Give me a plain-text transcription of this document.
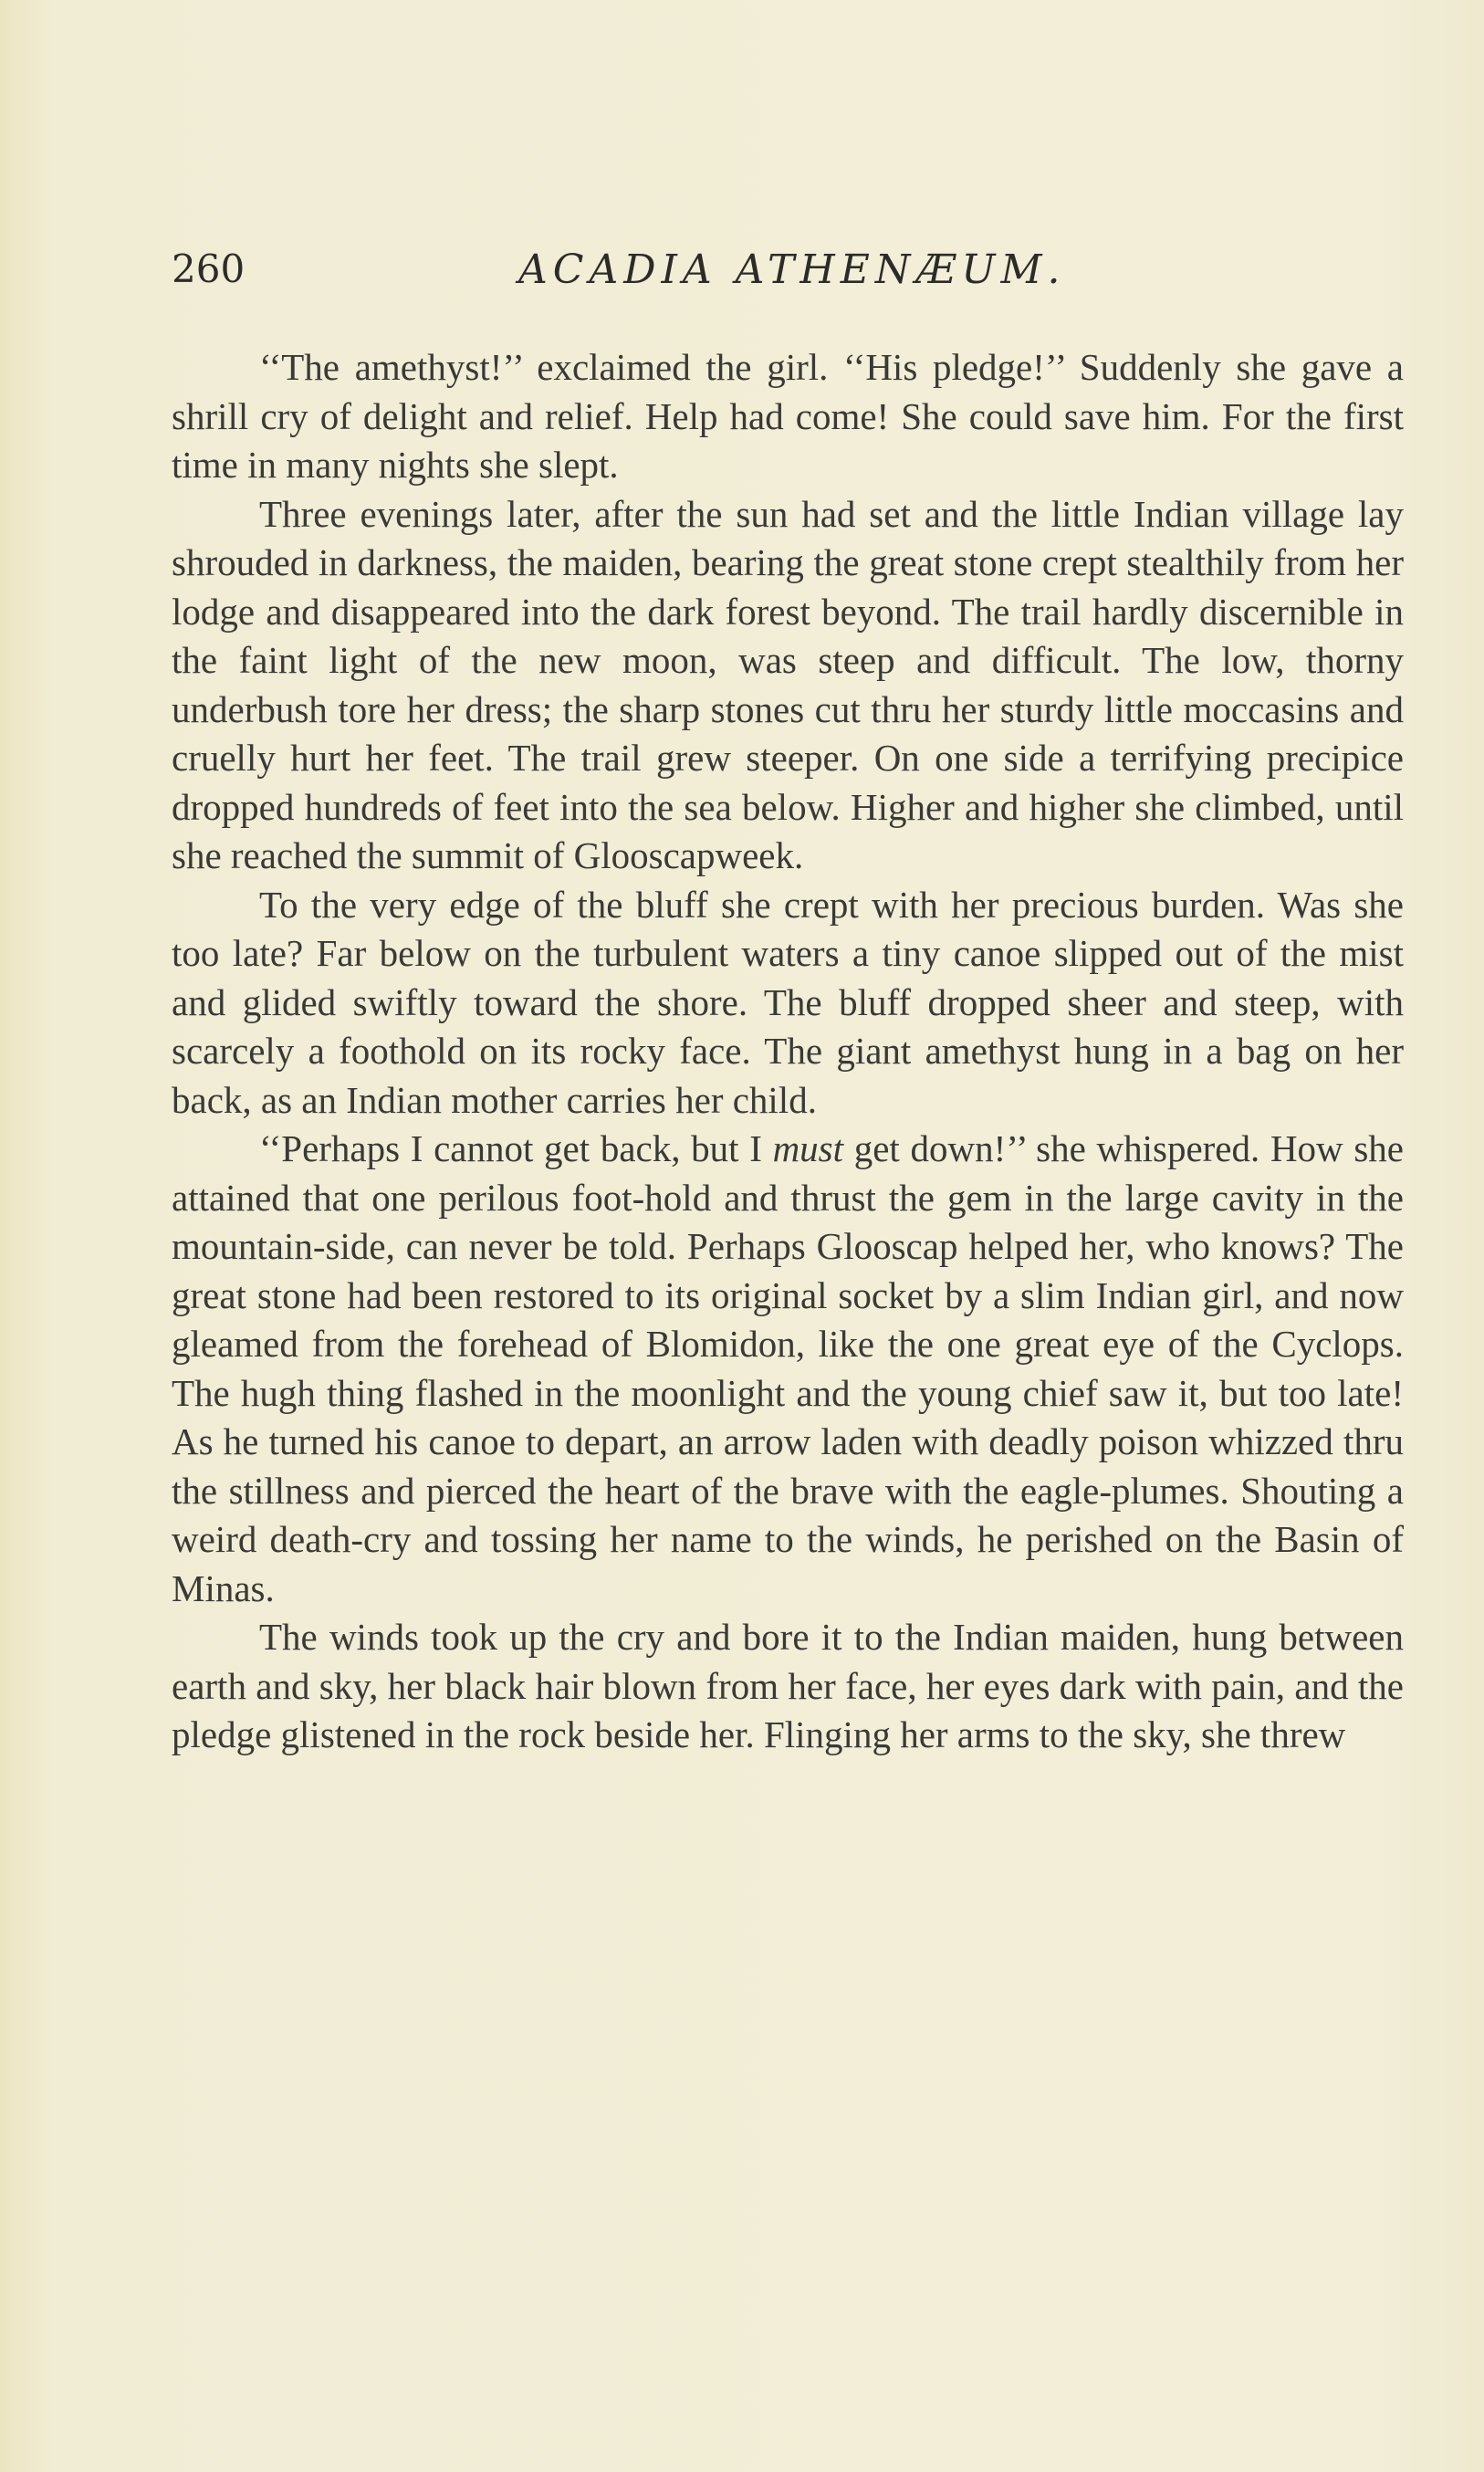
260	ACADIA ATHENÆUM.

‘‘The amethyst!’’ exclaimed the girl. ‘‘His pledge!’’ Suddenly she gave a shrill cry of delight and relief. Help had come! She could save him. For the first time in many nights she slept.

Three evenings later, after the sun had set and the little Indian village lay shrouded in darkness, the maiden, bearing the great stone crept stealthily from her lodge and disappeared into the dark forest beyond. The trail hardly discernible in the faint light of the new moon, was steep and difficult. The low, thorny underbush tore her dress; the sharp stones cut thru her sturdy little moccasins and cruelly hurt her feet. The trail grew steeper. On one side a terrifying precipice dropped hundreds of feet into the sea below. Higher and higher she climbed, until she reached the summit of Glooscapweek.

To the very edge of the bluff she crept with her precious burden. Was she too late? Far below on the turbulent waters a tiny canoe slipped out of the mist and glided swiftly toward the shore. The bluff dropped sheer and steep, with scarcely a foothold on its rocky face. The giant amethyst hung in a bag on her back, as an Indian mother carries her child.

‘‘Perhaps I cannot get back, but I must get down!’’ she whispered. How she attained that one perilous foot-hold and thrust the gem in the large cavity in the mountain-side, can never be told. Perhaps Glooscap helped her, who knows? The great stone had been restored to its original socket by a slim Indian girl, and now gleamed from the forehead of Blomidon, like the one great eye of the Cyclops. The hugh thing flashed in the moonlight and the young chief saw it, but too late! As he turned his canoe to depart, an arrow laden with deadly poison whizzed thru the stillness and pierced the heart of the brave with the eagle-plumes. Shouting a weird death-cry and tossing her name to the winds, he perished on the Basin of Minas.

The winds took up the cry and bore it to the Indian maiden, hung between earth and sky, her black hair blown from her face, her eyes dark with pain, and the pledge glistened in the rock beside her. Flinging her arms to the sky, she threw
